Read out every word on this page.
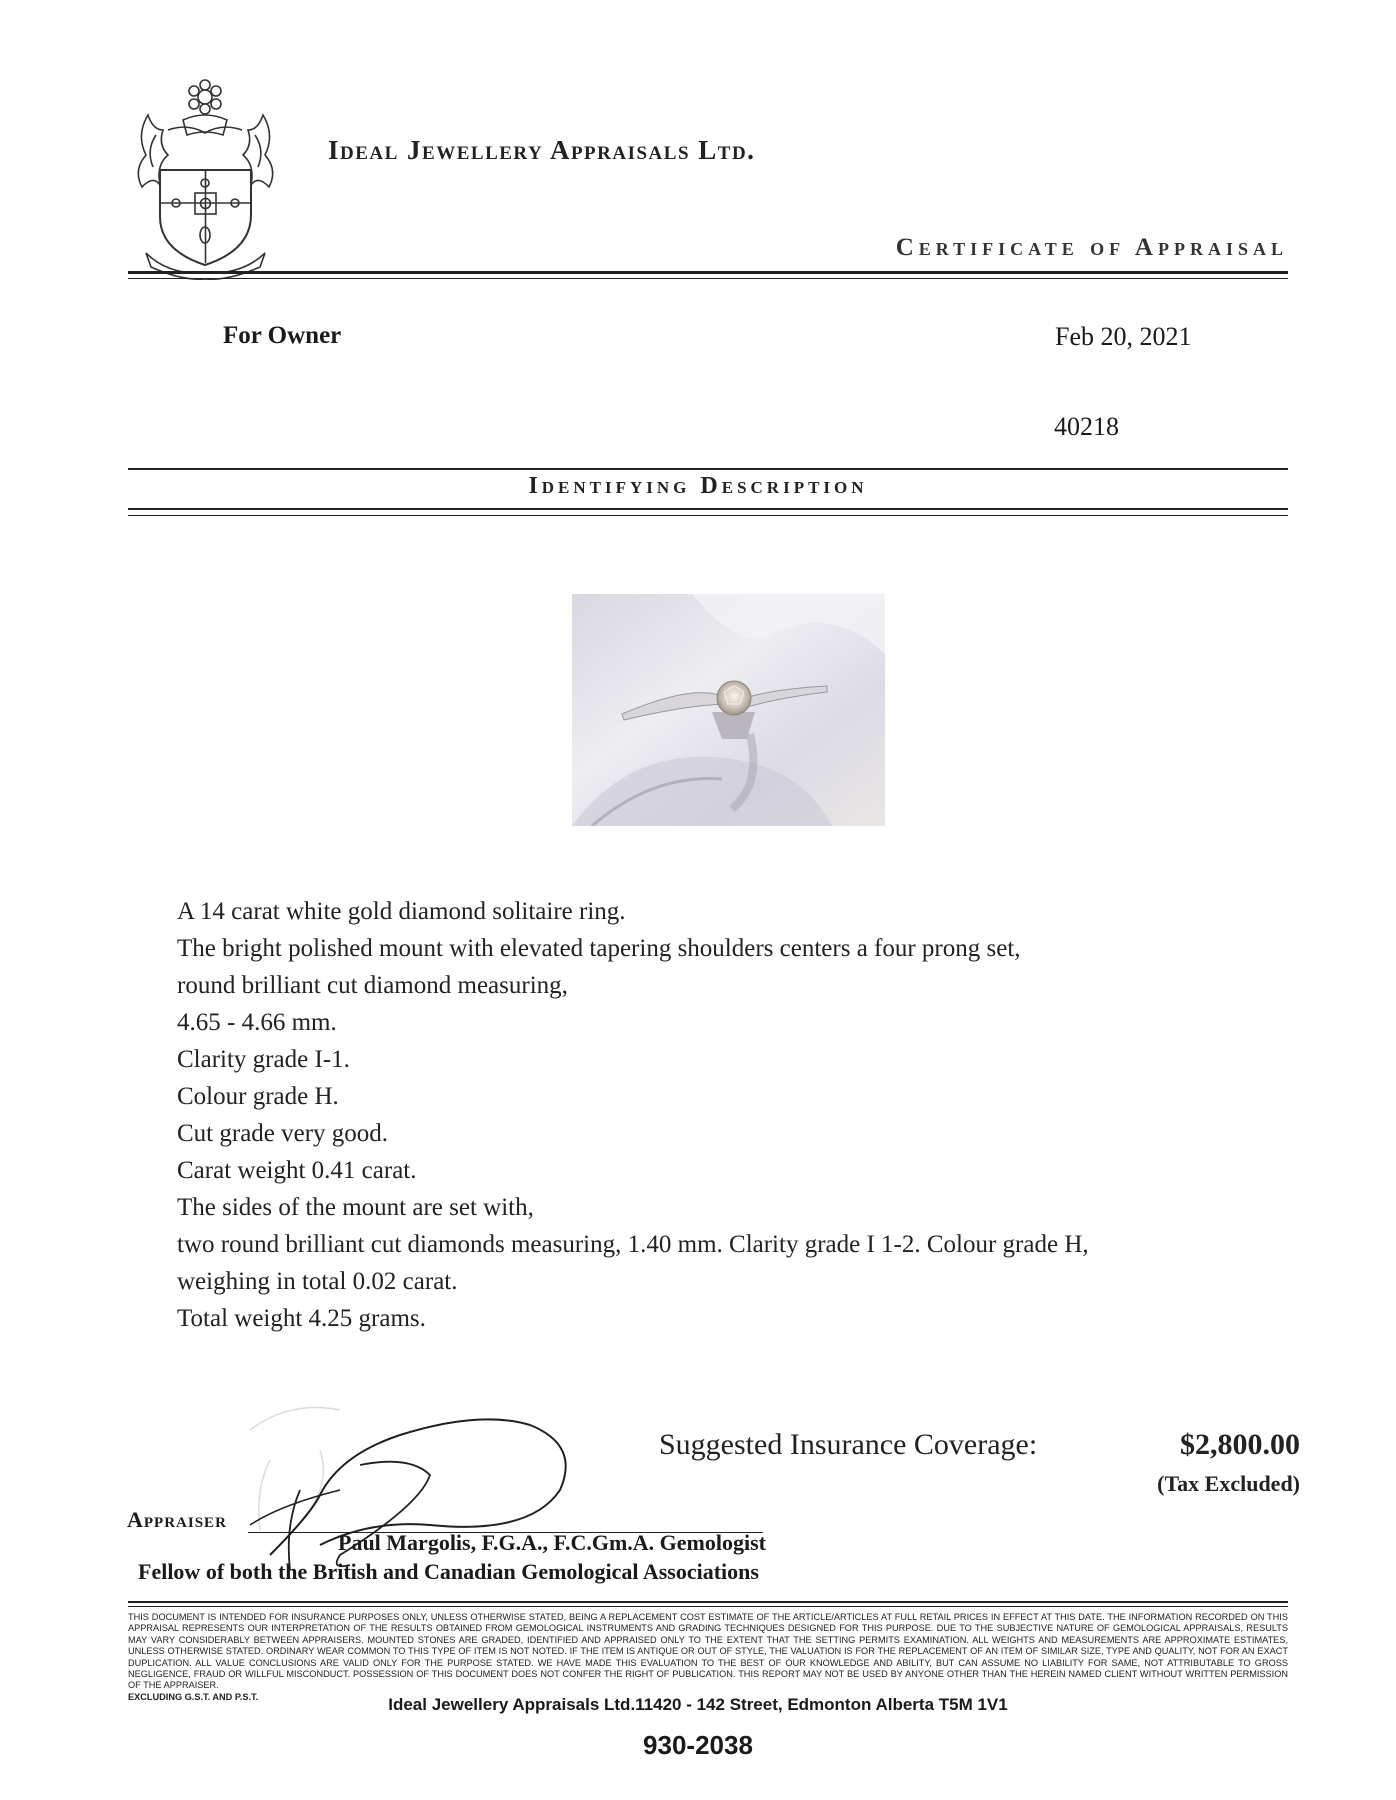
Ideal Jewellery Appraisals Ltd.
Certificate of Appraisal
For Owner	Feb 20, 2021
40218
Identifying Description
A 14 carat white gold diamond solitaire ring.
The bright polished mount with elevated tapering shoulders centers a four prong set,
round brilliant cut diamond measuring,
4.65 - 4.66 mm.
Clarity grade I-1.
Colour grade H.
Cut grade very good.
Carat weight 0.41 carat.
The sides of the mount are set with,
two round brilliant cut diamonds measuring, 1.40 mm. Clarity grade I 1-2. Colour grade H,
weighing in total 0.02 carat.
Total weight 4.25 grams.
Suggested Insurance Coverage:	$2,800.00
(Tax Excluded)
Appraiser
Paul Margolis, F.G.A., F.C.Gm.A. Gemologist
Fellow of both the British and Canadian Gemological Associations
THIS DOCUMENT IS INTENDED FOR INSURANCE PURPOSES ONLY, UNLESS OTHERWISE STATED, BEING A REPLACEMENT COST ESTIMATE OF THE ARTICLE/ARTICLES AT FULL RETAIL PRICES IN EFFECT AT THIS DATE. THE INFORMATION RECORDED ON THIS APPRAISAL REPRESENTS OUR INTERPRETATION OF THE RESULTS OBTAINED FROM GEMOLOGICAL INSTRUMENTS AND GRADING TECHNIQUES DESIGNED FOR THIS PURPOSE. DUE TO THE SUBJECTIVE NATURE OF GEMOLOGICAL APPRAISALS, RESULTS MAY VARY CONSIDERABLY BETWEEN APPRAISERS. MOUNTED STONES ARE GRADED, IDENTIFIED AND APPRAISED ONLY TO THE EXTENT THAT THE SETTING PERMITS EXAMINATION. ALL WEIGHTS AND MEASUREMENTS ARE APPROXIMATE ESTIMATES, UNLESS OTHERWISE STATED. ORDINARY WEAR COMMON TO THIS TYPE OF ITEM IS NOT NOTED. IF THE ITEM IS ANTIQUE OR OUT OF STYLE, THE VALUATION IS FOR THE REPLACEMENT OF AN ITEM OF SIMILAR SIZE, TYPE AND QUALITY, NOT FOR AN EXACT DUPLICATION. ALL VALUE CONCLUSIONS ARE VALID ONLY FOR THE PURPOSE STATED. WE HAVE MADE THIS EVALUATION TO THE BEST OF OUR KNOWLEDGE AND ABILITY, BUT CAN ASSUME NO LIABILITY FOR SAME, NOT ATTRIBUTABLE TO GROSS NEGLIGENCE, FRAUD OR WILLFUL MISCONDUCT. POSSESSION OF THIS DOCUMENT DOES NOT CONFER THE RIGHT OF PUBLICATION. THIS REPORT MAY NOT BE USED BY ANYONE OTHER THAN THE HEREIN NAMED CLIENT WITHOUT WRITTEN PERMISSION OF THE APPRAISER.
EXCLUDING G.S.T. AND P.S.T.	Ideal Jewellery Appraisals Ltd.11420 - 142 Street, Edmonton Alberta T5M 1V1
930-2038
